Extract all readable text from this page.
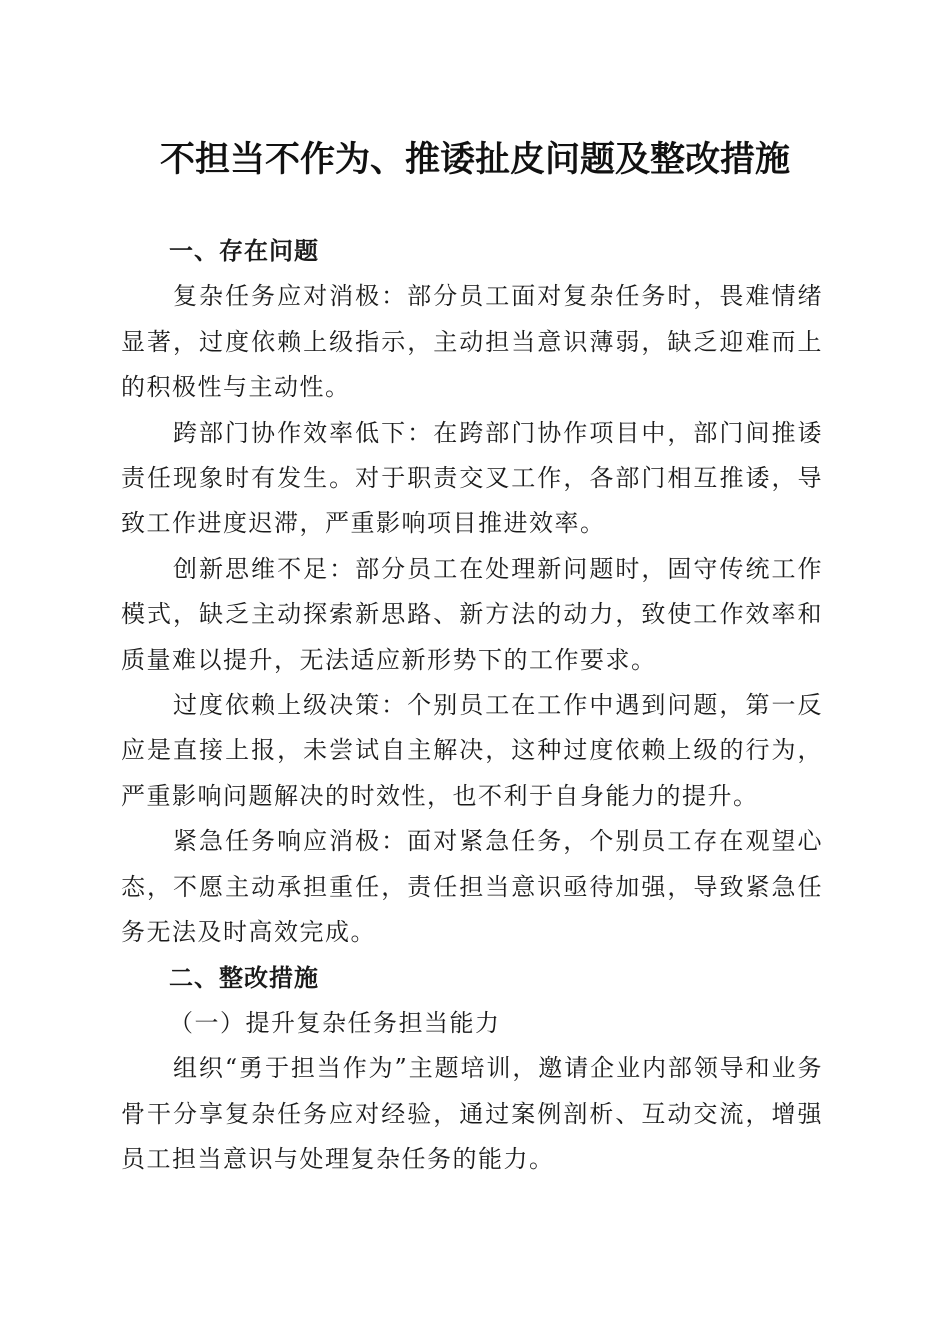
不担当不作为、推诿扯皮问题及整改措施

一、存在问题

复杂任务应对消极：部分员工面对复杂任务时，畏难情绪显著，过度依赖上级指示，主动担当意识薄弱，缺乏迎难而上的积极性与主动性。

跨部门协作效率低下：在跨部门协作项目中，部门间推诿责任现象时有发生。对于职责交叉工作，各部门相互推诿，导致工作进度迟滞，严重影响项目推进效率。

创新思维不足：部分员工在处理新问题时，固守传统工作模式，缺乏主动探索新思路、新方法的动力，致使工作效率和质量难以提升，无法适应新形势下的工作要求。

过度依赖上级决策：个别员工在工作中遇到问题，第一反应是直接上报，未尝试自主解决，这种过度依赖上级的行为，严重影响问题解决的时效性，也不利于自身能力的提升。

紧急任务响应消极：面对紧急任务，个别员工存在观望心态，不愿主动承担重任，责任担当意识亟待加强，导致紧急任务无法及时高效完成。

二、整改措施

（一）提升复杂任务担当能力

组织“勇于担当作为”主题培训，邀请企业内部领导和业务骨干分享复杂任务应对经验，通过案例剖析、互动交流，增强员工担当意识与处理复杂任务的能力。
